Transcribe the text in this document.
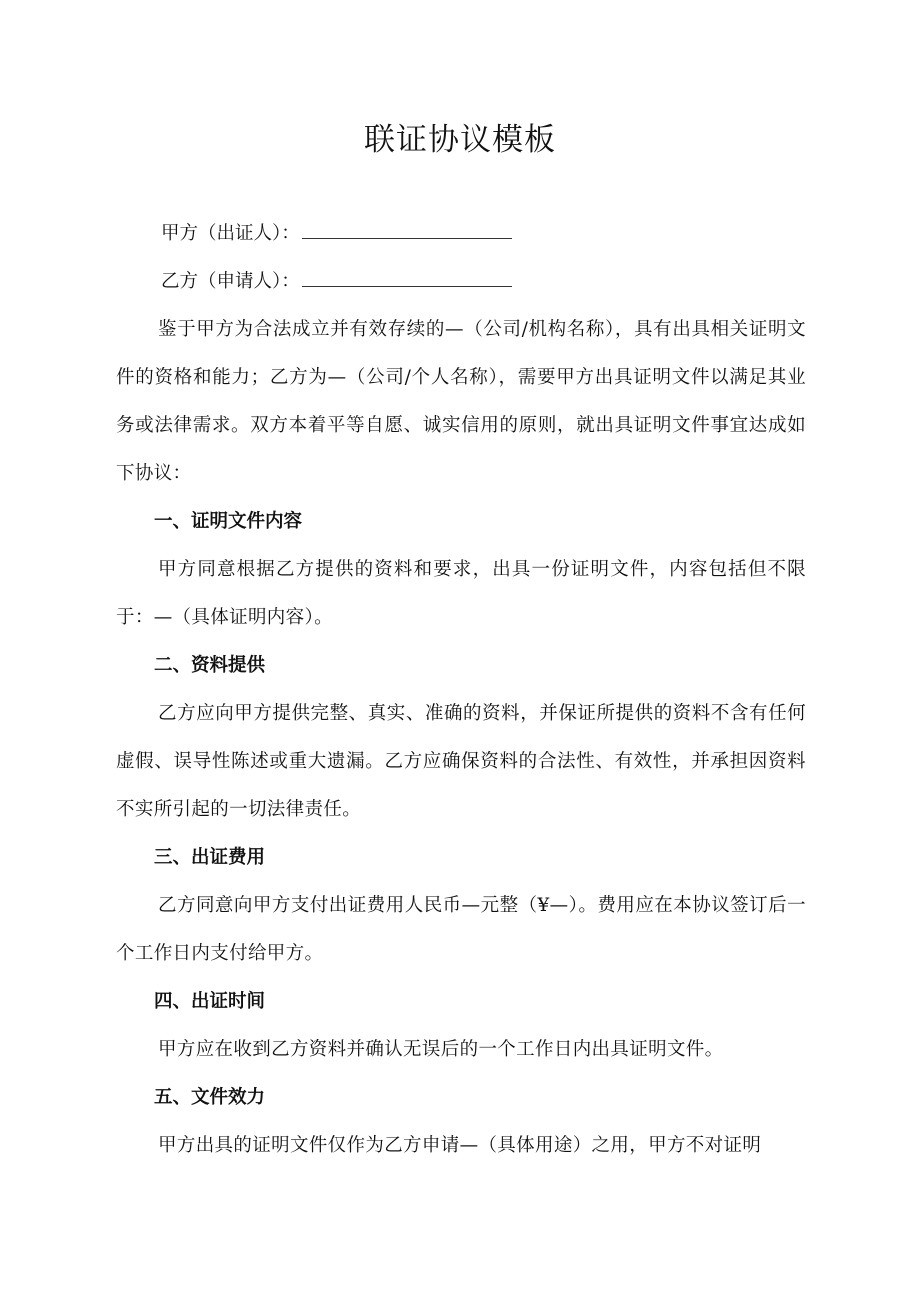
联证协议模板
甲方（出证人）：
乙方（申请人）：

鉴于甲方为合法成立并有效存续的—（公司/机构名称），具有出具相关证明文件的资格和能力；乙方为—（公司/个人名称），需要甲方出具证明文件以满足其业务或法律需求。双方本着平等自愿、诚实信用的原则，就出具证明文件事宜达成如下协议：

一、证明文件内容

甲方同意根据乙方提供的资料和要求，出具一份证明文件，内容包括但不限于：—（具体证明内容）。

二、资料提供

乙方应向甲方提供完整、真实、准确的资料，并保证所提供的资料不含有任何虚假、误导性陈述或重大遗漏。乙方应确保资料的合法性、有效性，并承担因资料不实所引起的一切法律责任。

三、出证费用

乙方同意向甲方支付出证费用人民币—元整（¥—）。费用应在本协议签订后一个工作日内支付给甲方。

四、出证时间

甲方应在收到乙方资料并确认无误后的一个工作日内出具证明文件。

五、文件效力

甲方出具的证明文件仅作为乙方申请—（具体用途）之用，甲方不对证明
